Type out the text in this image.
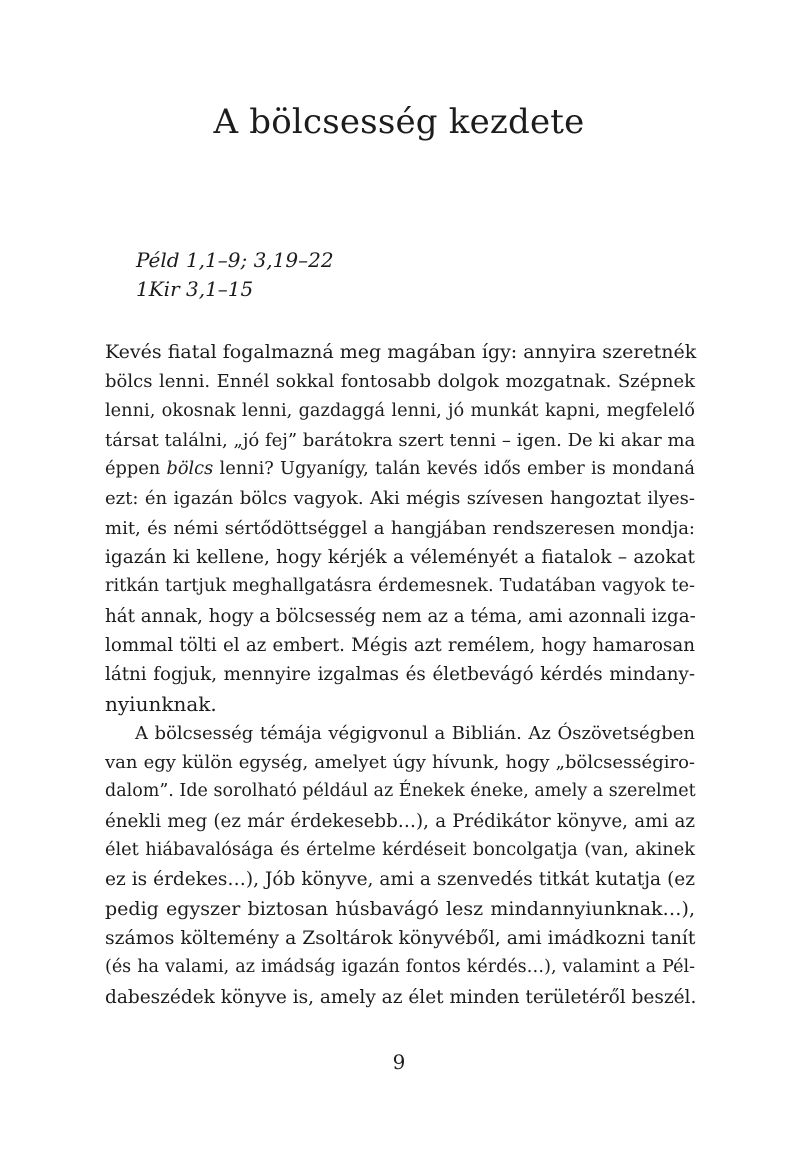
A bölcsesség kezdete
Péld 1,1–9; 3,19–22
1Kir 3,1–15
Kevés fiatal fogalmazná meg magában így: annyira szeretnék
bölcs lenni. Ennél sokkal fontosabb dolgok mozgatnak. Szépnek
lenni, okosnak lenni, gazdaggá lenni, jó munkát kapni, megfelelő
társat találni, „jó fej” barátokra szert tenni – igen. De ki akar ma
éppen bölcs lenni? Ugyanígy, talán kevés idős ember is mondaná
ezt: én igazán bölcs vagyok. Aki mégis szívesen hangoztat ilyes-
mit, és némi sértődöttséggel a hangjában rendszeresen mondja:
igazán ki kellene, hogy kérjék a véleményét a fiatalok – azokat
ritkán tartjuk meghallgatásra érdemesnek. Tudatában vagyok te-
hát annak, hogy a bölcsesség nem az a téma, ami azonnali izga-
lommal tölti el az embert. Mégis azt remélem, hogy hamarosan
látni fogjuk, mennyire izgalmas és életbevágó kérdés mindany-
nyiunknak.
A bölcsesség témája végigvonul a Biblián. Az Ószövetségben
van egy külön egység, amelyet úgy hívunk, hogy „bölcsességiro-
dalom”. Ide sorolható például az Énekek éneke, amely a szerelmet
énekli meg (ez már érdekesebb…), a Prédikátor könyve, ami az
élet hiábavalósága és értelme kérdéseit boncolgatja (van, akinek
ez is érdekes…), Jób könyve, ami a szenvedés titkát kutatja (ez
pedig egyszer biztosan húsbavágó lesz mindannyiunknak…),
számos költemény a Zsoltárok könyvéből, ami imádkozni tanít
(és ha valami, az imádság igazán fontos kérdés…), valamint a Pél-
dabeszédek könyve is, amely az élet minden területéről beszél.
9
